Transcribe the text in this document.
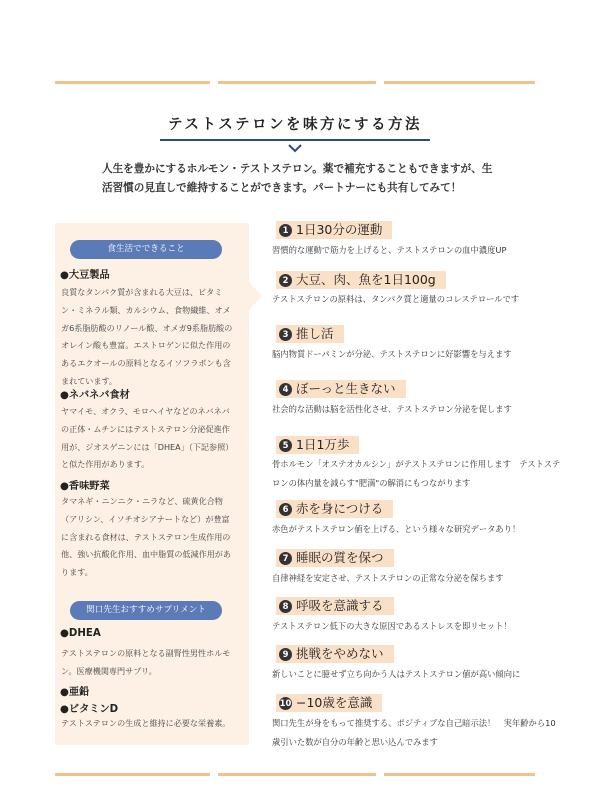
テストステロンを味方にする方法
人生を豊かにするホルモン・テストステロン。薬で補充することもできますが、生活習慣の見直しで維持することができます。パートナーにも共有してみて！
食生活でできること
●大豆製品
良質なタンパク質が含まれる大豆は、ビタミン・ミネラル類、カルシウム、食物繊維、オメガ6系脂肪酸のリノール酸、オメガ9系脂肪酸のオレイン酸も豊富。エストロゲンに似た作用のあるエクオールの原料となるイソフラボンも含まれています。
●ネバネバ食材
ヤマイモ、オクラ、モロヘイヤなどのネバネバの正体・ムチンにはテストステロン分泌促進作用が、ジオスゲニンには「DHEA」（下記参照）と似た作用があります。
●香味野菜
タマネギ・ニンニク・ニラなど、硫黄化合物（アリシン、イソチオシアナートなど）が豊富に含まれる食材は、テストステロン生成作用の他、強い抗酸化作用、血中脂質の低減作用があります。
関口先生おすすめサプリメント
●DHEA
テストステロンの原料となる副腎性男性ホルモン。医療機関専門サプリ。
●亜鉛
●ビタミンD
テストステロンの生成と維持に必要な栄養素。
1 1日30分の運動
習慣的な運動で筋力を上げると、テストステロンの血中濃度UP
2 大豆、肉、魚を1日100g
テストステロンの原料は、タンパク質と適量のコレステロールです
3 推し活
脳内物質ドーパミンが分泌、テストステロンに好影響を与えます
4 ぼーっと生きない
社会的な活動は脳を活性化させ、テストステロン分泌を促します
5 1日1万歩
骨ホルモン「オステオカルシン」がテストステロンに作用します　テストステロンの体内量を減らす"肥満"の解消にもつながります
6 赤を身につける
赤色がテストステロン値を上げる、という様々な研究データあり！
7 睡眠の質を保つ
自律神経を安定させ、テストステロンの正常な分泌を保ちます
8 呼吸を意識する
テストステロン低下の大きな原因であるストレスを即リセット！
9 挑戦をやめない
新しいことに臆せず立ち向かう人はテストステロン値が高い傾向に
10 −10歳を意識
関口先生が身をもって推奨する、ポジティブな自己暗示法！　実年齢から10歳引いた数が自分の年齢と思い込んでみます
